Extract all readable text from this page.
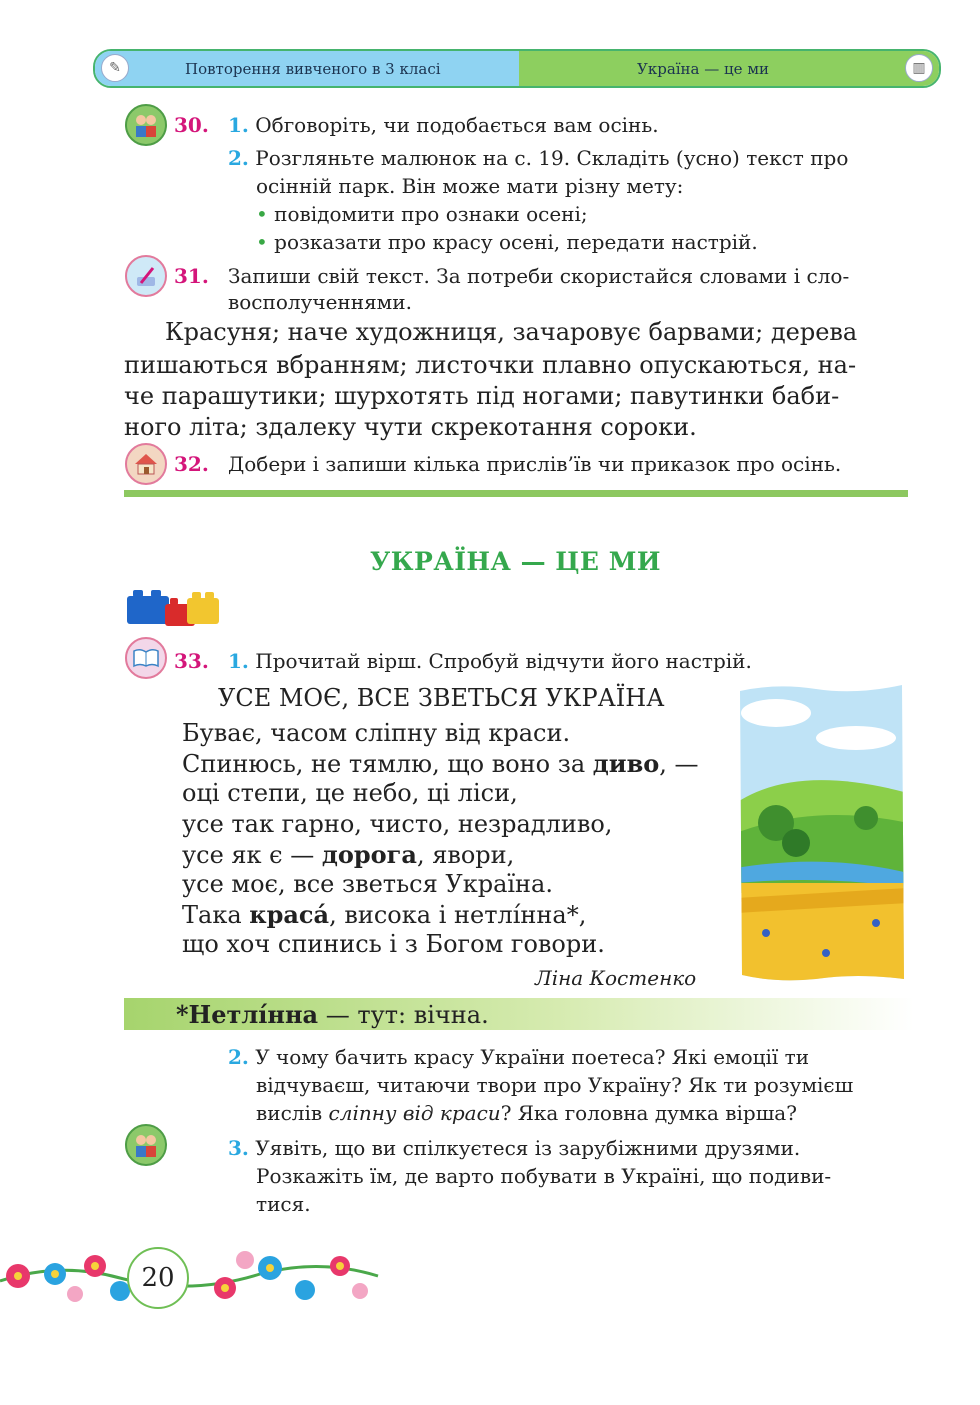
✎	Повторення вивченого в 3 класі	Україна — це ми	▥
30. 1. Обговоріть, чи подобається вам осінь.
2. Розгляньте малюнок на с. 19. Складіть (усно) текст про
осінній парк. Він може мати різну мету:
• повідомити про ознаки осені;
• розказати про красу осені, передати настрій.
31. Запиши свій текст. За потреби скористайся словами і сло-
восполученнями.
Красуня; наче художниця, зачаровує барвами; дерева
пишаються вбранням; листочки плавно опускаються, на-
че парашутики; шурхотять під ногами; павутинки баби-
ного літа; здалеку чути скрекотання сороки.
32. Добери і запиши кілька прислів’їв чи приказок про осінь.
УКРАЇНА — ЦЕ МИ
33. 1. Прочитай вірш. Спробуй відчути його настрій.
УСЕ МОЄ, ВСЕ ЗВЕТЬСЯ УКРАЇНА
Буває, часом сліпну від краси.
Спинюсь, не тямлю, що воно за диво, —
оці степи, це небо, ці ліси,
усе так гарно, чисто, незрадливо,
усе як є — дорога, явори,
усе моє, все зветься Україна.
Така краса́, висока і нетлі́нна*,
що хоч спинись і з Богом говори.
Ліна Костенко
*Нетлі́нна — тут: вічна.
2. У чому бачить красу України поетеса? Які емоції ти
відчуваєш, читаючи твори про Україну? Як ти розумієш
вислів сліпну від краси? Яка головна думка вірша?
3. Уявіть, що ви спілкуєтеся із зарубіжними друзями.
Розкажіть їм, де варто побувати в Україні, що подиви-
тися.
20
